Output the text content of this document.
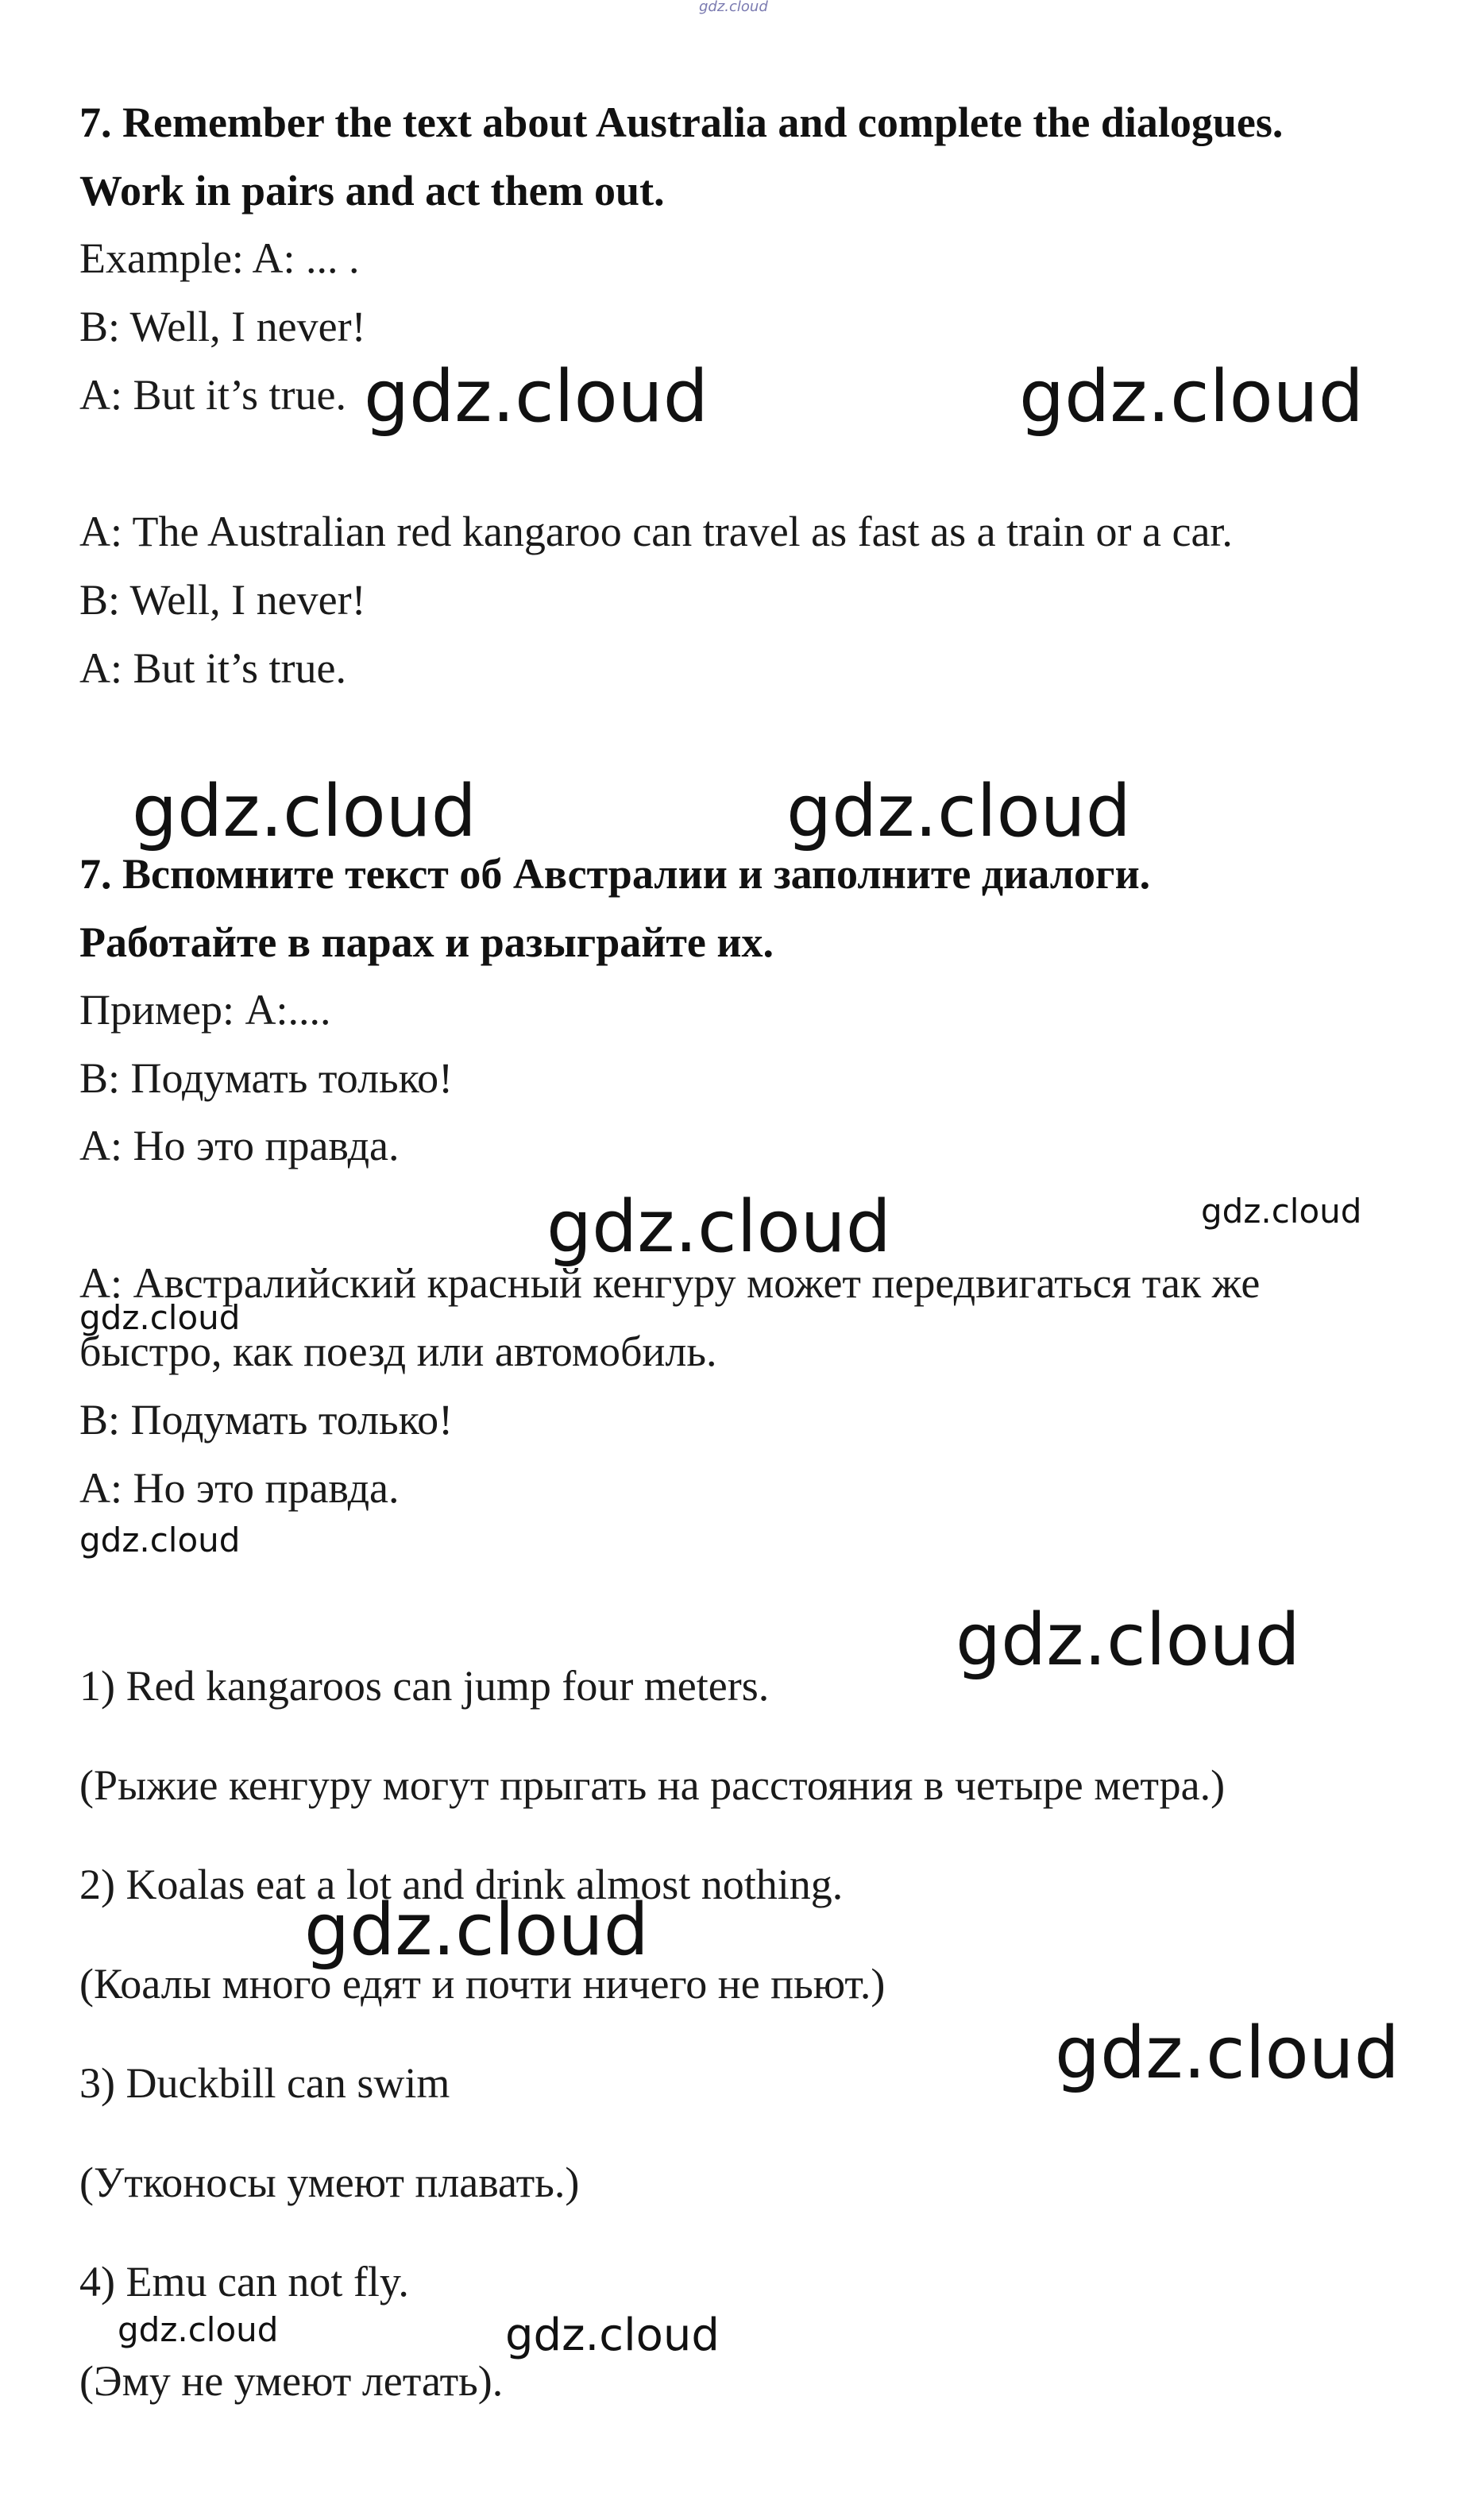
gdz.cloud
7. Remember the text about Australia and complete the dialogues.
Work in pairs and act them out.
Example: A: ... .
B: Well, I never!
A: But it’s true. gdz.cloud	gdz.cloud
A: The Australian red kangaroo can travel as fast as a train or a car.
B: Well, I never!
A: But it’s true.
gdz.cloud	gdz.cloud
7. Вспомните текст об Австралии и заполните диалоги.
Работайте в парах и разыграйте их.
Пример: А:....
В: Подумать только!
А: Но это правда.
gdz.cloud	gdz.cloud
А: Австралийский красный кенгуру может передвигаться так же
gdz.cloud
быстро, как поезд или автомобиль.
В: Подумать только!
А: Но это правда.
gdz.cloud
gdz.cloud
1) Red kangaroos can jump four meters.
(Рыжие кенгуру могут прыгать на расстояния в четыре метра.)
2) Koalas eat a lot and drink almost nothing.
gdz.cloud
(Коалы много едят и почти ничего не пьют.)
gdz.cloud
3) Duckbill can swim
(Утконосы умеют плавать.)
4) Emu can not fly.
gdz.cloud	gdz.cloud
(Эму не умеют летать).
